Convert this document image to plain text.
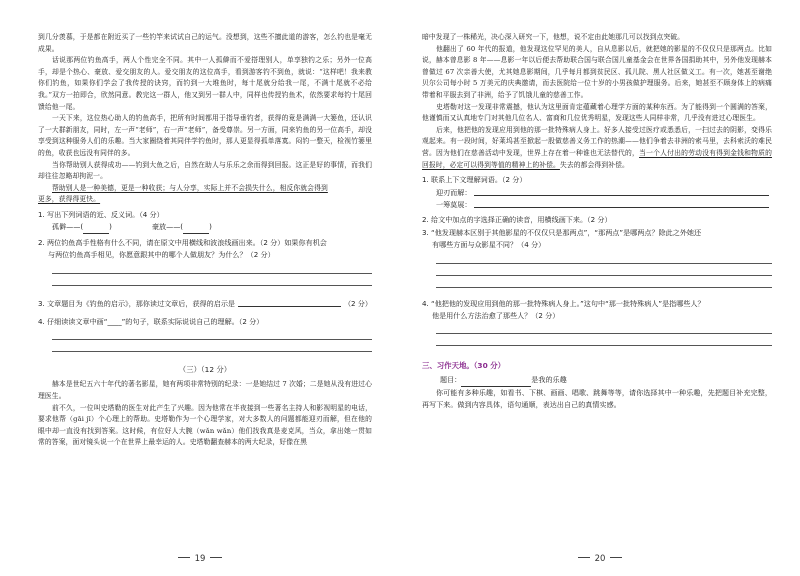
到几分羡慕，于是都在附近买了一些钓竿来试试自己的运气。没想到，这些不擅此道的游客，怎么钓也是毫无成果。
话说那两位钓鱼高手，两人个性完全不同。其中一人孤僻而不爱搭理别人，单享独钓之乐；另外一位高手，却是个热心、豪放、爱交朋友的人。爱交朋友的这位高手，看到游客钓不到鱼，就说：“这样吧！我来教你们钓鱼，如果你们学会了我传授的诀窍，而钓到一大堆鱼时，每十尾就分给我一尾，不满十尾就不必给我。”双方一拍即合，欣然同意。教完这一群人，他又到另一群人中，同样也传授钓鱼术，依然要求每钓十尾回馈给他一尾。
一天下来，这位热心助人的钓鱼高手，把所有时间都用于指导垂钓者，获得的竟是满满一大篓鱼，还认识了一大群新朋友，同时，左一声“老师”，右一声“老师”，备受尊崇。另一方面，同来钓鱼的另一位高手，却没享受到这种服务人们的乐趣。当大家圈绕着其同伴学钓鱼时，那人更显得孤单落寞。闷钓一整天，检视竹篓里的鱼，收获也远没有同伴的多。
当你帮助别人获得成功——钓到大鱼之后，自然在助人与乐乐之余而得到回报。这正是好的事情，而我们却往往忽略却拘泥一。
帮助别人是一种美德，更是一种收获；与人分享，实际上并不会损失什么，相反你就会得到
更多，获得得更快。
1. 写出下列词语的近、反义词。（4 分）
孤僻——(	)	豪放——(	)
2. 两位钓鱼高手性格有什么不同，请在原文中用横线和波浪线画出来。（2 分）如果你有机会
与两位钓鱼高手相见，你愿意跟其中的哪个人做朋友？为什么？（2 分）
3. 文章题目为《钓鱼的启示》，那你读过文章后，获得的启示是	（2 分）
4. 仔细读读文章中画“____”的句子，联系实际说说自己的理解。（2 分）
（三）（12 分）
赫本是世纪五六十年代的著名影星，她有两项非常特别的纪录：一是她结过 7 次婚；二是她从没有进过心理医生。
前不久，一位叫史塔勒的医生对此产生了兴趣。因为他常在半夜接到一些著名主持人和影视明星的电话，要求他帮（gāi jī）个心理上的帮助。史塔勒作为一个心理学家，对大多数人的问题都能迎刃而解，但在他的眼中却一直没有找到答案。这时候，有位好人大腕（wǎn wǎn）他们找我真是麦克风，当众，拿出她一贯如常的答案，面对镜头说一个在世界上最幸运的人。史塔勒翻查赫本的两大纪录，好像在黑
19
暗中发现了一株稀光，决心深入研究一下，他想，说不定由此她那几可以找到点突破。
他翻出了 60 年代的报道，他发现这位罕见的美人，自从息影以后，就把她的影星的不仅仅只是那两点。比如说，赫本曾息影 8 年——息影一年以后便去帮助联合国与联合国儿童基金会在世界各国捐助其中，另外他发现赫本曾做过 67 次亲善大使，尤其她息影期间，几乎每月都到贫民区、孤儿院、黑人社区做义工。有一次，她甚至谢绝贝尔公司每小时 5 万美元的庆典邀请，而去医院给一位十岁的小男孩做护理服务。后来，她甚至不顾身体上的病痛带着和平服去到了非洲，给予了饥饿儿童的慈善工作。
史塔勒对这一发现非常震撼，他认为这里面肯定蕴藏着心理学方面的某种东西。为了能得到一个圆满的答案，他谨慎而又认真地专门对其他几位名人、富商和几位优秀明星，发现这些人同样非常，几乎没有进过心理医生。
后来，他把他的发现应用到他的那一批特殊病人身上。好多人接受过医疗或悉悉后，一扫过去的阴影，变得乐观起来。有一段时间，好莱坞甚至掀起一股做慈善义务工作的热潮——他们争着去非洲的索马里，去科索沃的难民营。因为他们在慈善活动中发现，世界上存在着一种谁也无法替代的，当一个人付出的劳动没有得到金钱和物质的回报时，必定可以得到等值的精神上的补偿。失去的都会得到补偿。
1. 联系上下文理解词语。（2 分）
迎刃而解：
一筹莫展：
2. 给文中加点的字选择正确的读音，用横线画下来。（2 分）
3. “他发现赫本区别于其他影星的不仅仅只是那两点”，“那两点”是哪两点？除此之外她还
有哪些方面与众影星不同？（4 分）
4. “他把他的发现应用到他的那一批特殊病人身上。”这句中“那一批特殊病人”是指哪些人？
他是用什么方法治愈了那些人？（2 分）
三、习作天地。（30 分）
题目：	是我的乐趣
你可能有多种乐趣，如看书、下棋、画画、唱歌、跳舞等等，请你选择其中一种乐趣，先把题目补充完整，再写下来。做到内容具体，语句通顺，表达出自己的真情实感。
20
